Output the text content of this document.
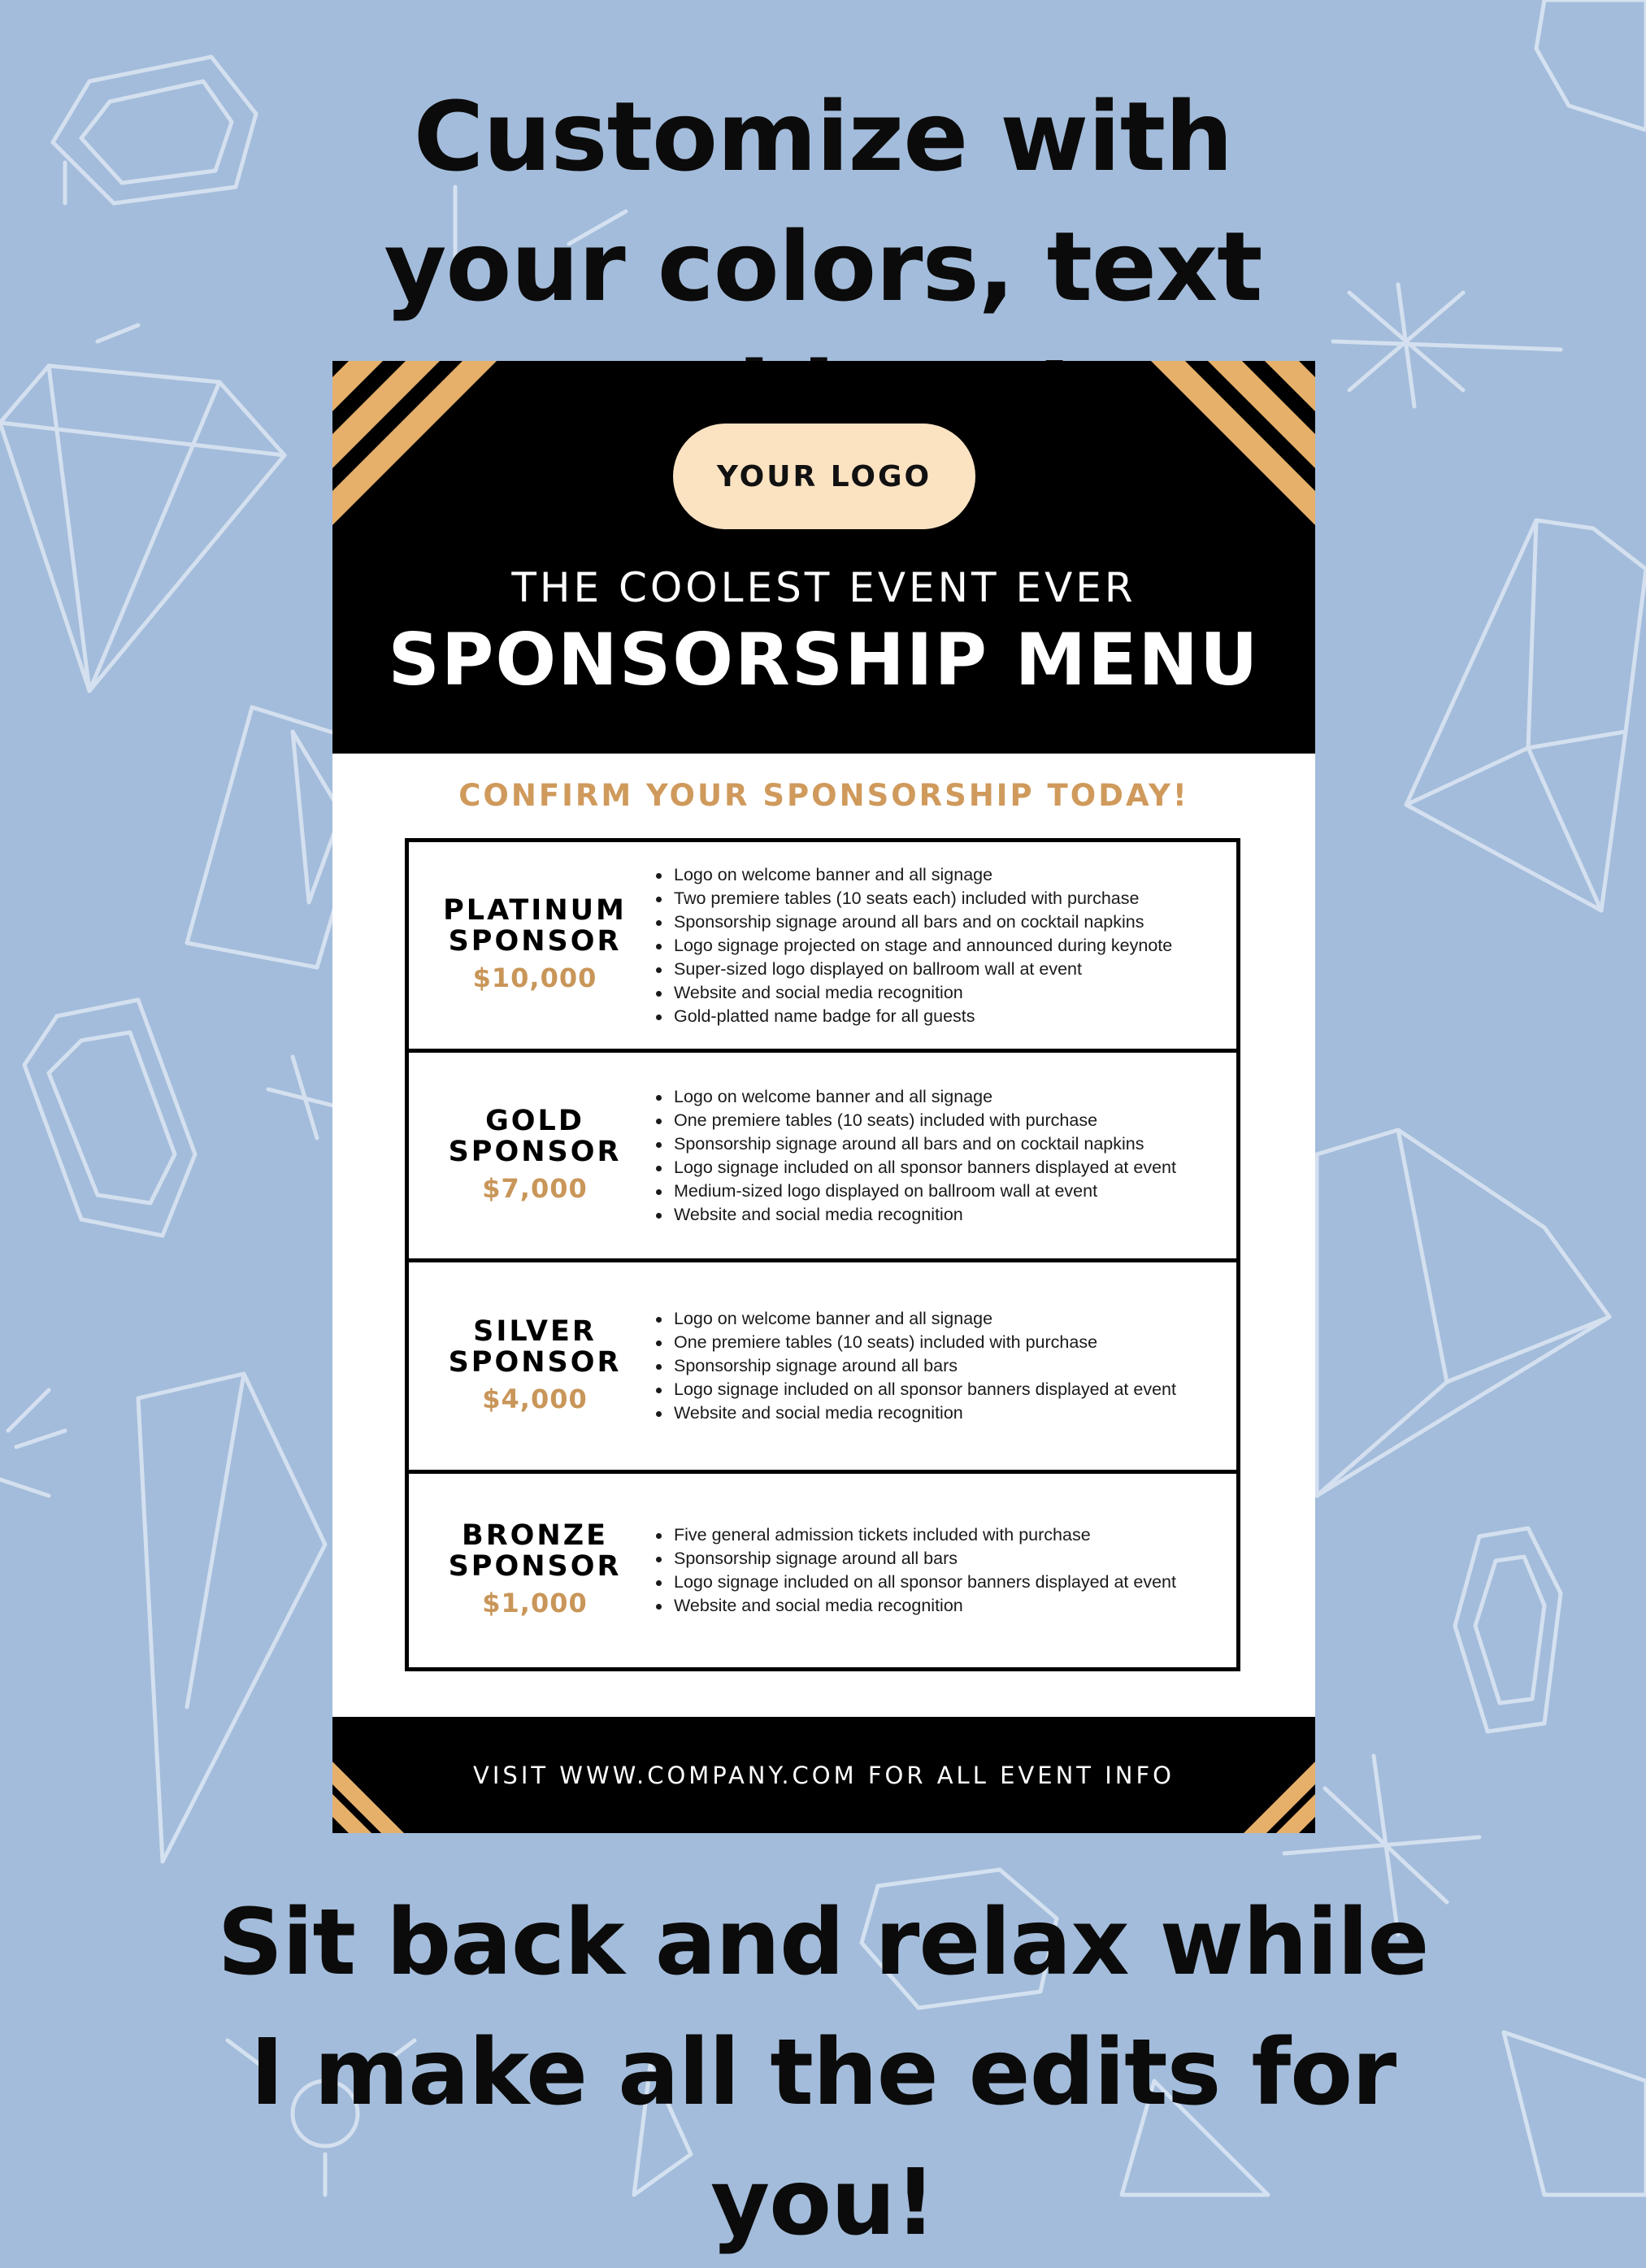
Customize with your colors, text
YOUR LOGO
THE COOLEST EVENT EVER
SPONSORSHIP MENU
CONFIRM YOUR SPONSORSHIP TODAY!
PLATINUM
SPONSOR
$10,000
Logo on welcome banner and all signage
Two premiere tables (10 seats each) included with purchase
Sponsorship signage around all bars and on cocktail napkins
Logo signage projected on stage and announced during keynote
Super-sized logo displayed on ballroom wall at event
Website and social media recognition
Gold-platted name badge for all guests
GOLD
SPONSOR
$7,000
Logo on welcome banner and all signage
One premiere tables (10 seats) included with purchase
Sponsorship signage around all bars and on cocktail napkins
Logo signage included on all sponsor banners displayed at event
Medium-sized logo displayed on ballroom wall at event
Website and social media recognition
SILVER
SPONSOR
$4,000
Logo on welcome banner and all signage
One premiere tables (10 seats) included with purchase
Sponsorship signage around all bars
Logo signage included on all sponsor banners displayed at event
Website and social media recognition
BRONZE
SPONSOR
$1,000
Five general admission tickets included with purchase
Sponsorship signage around all bars
Logo signage included on all sponsor banners displayed at event
Website and social media recognition
VISIT WWW.COMPANY.COM FOR ALL EVENT INFO
Sit back and relax while I make all the edits for you!
